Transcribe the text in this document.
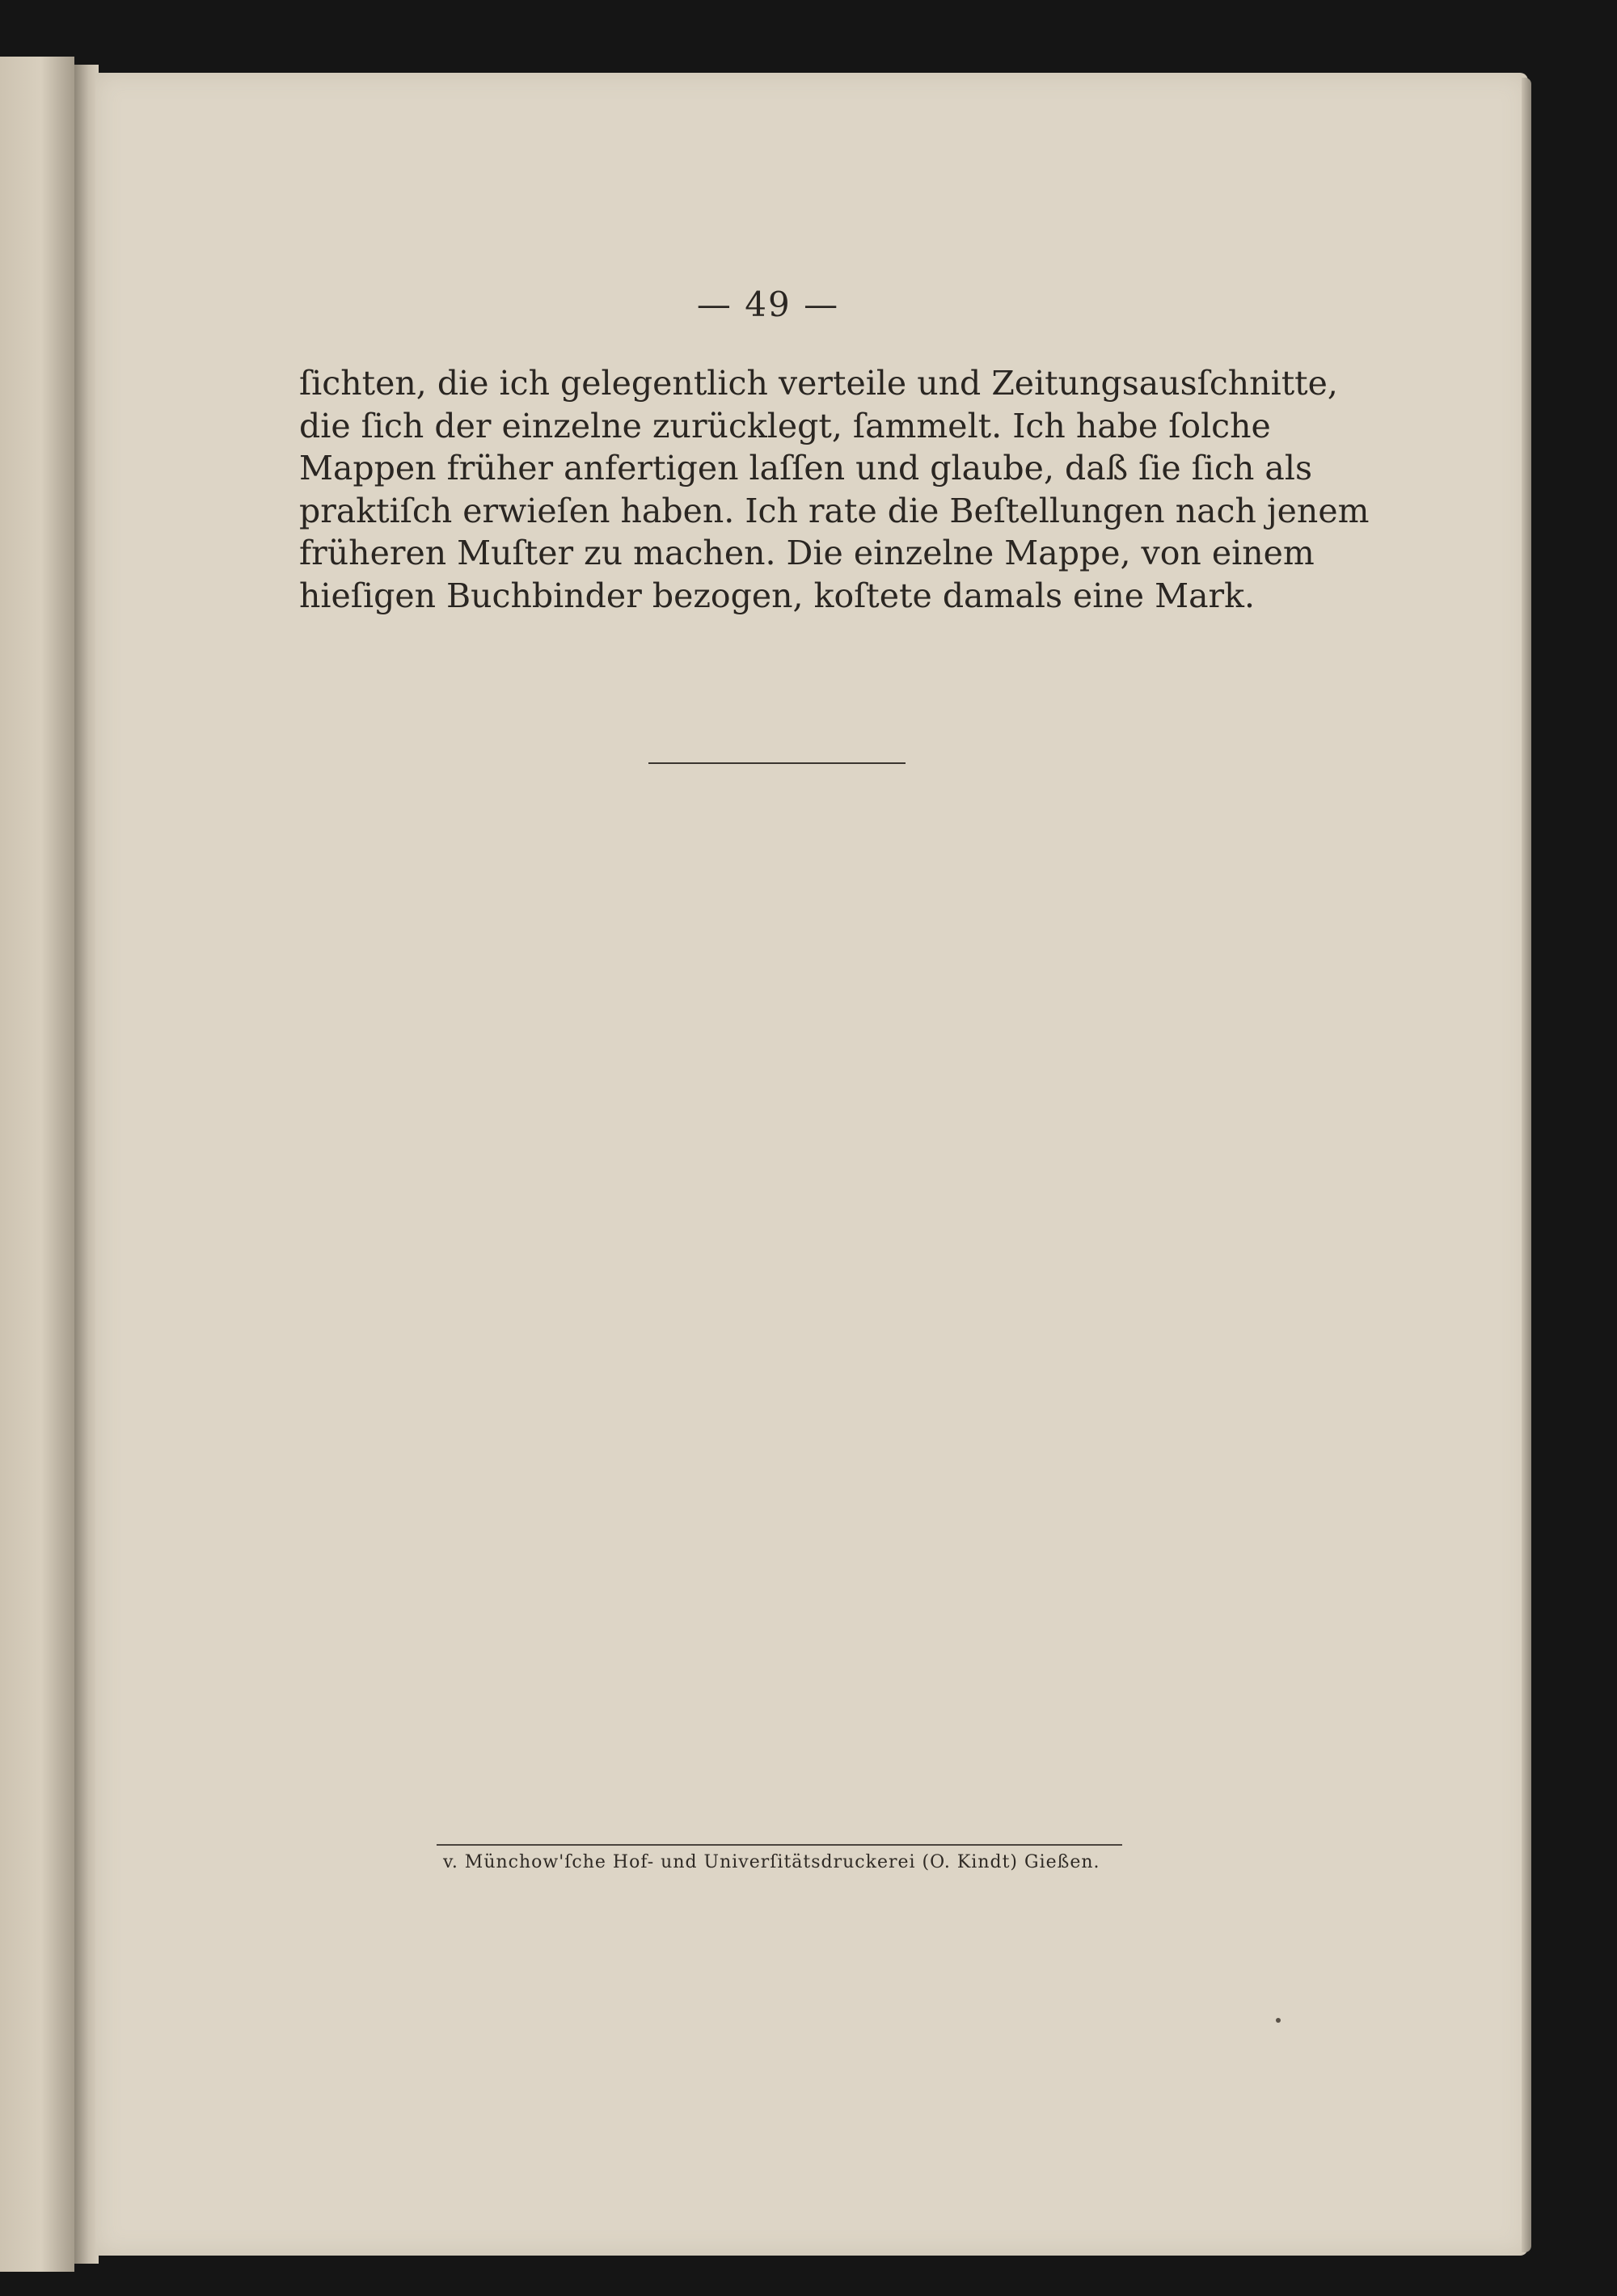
— 49 —

ſichten, die ich gelegentlich verteile und Zeitungsausſchnitte,
die ſich der einzelne zurücklegt, ſammelt. Ich habe ſolche
Mappen früher anfertigen laſſen und glaube, daß ſie ſich als
praktiſch erwieſen haben. Ich rate die Beſtellungen nach jenem
früheren Muſter zu machen. Die einzelne Mappe, von einem
hieſigen Buchbinder bezogen, koſtete damals eine Mark.

v. Münchow'ſche Hof- und Univerſitätsdruckerei (O. Kindt) Gießen.
